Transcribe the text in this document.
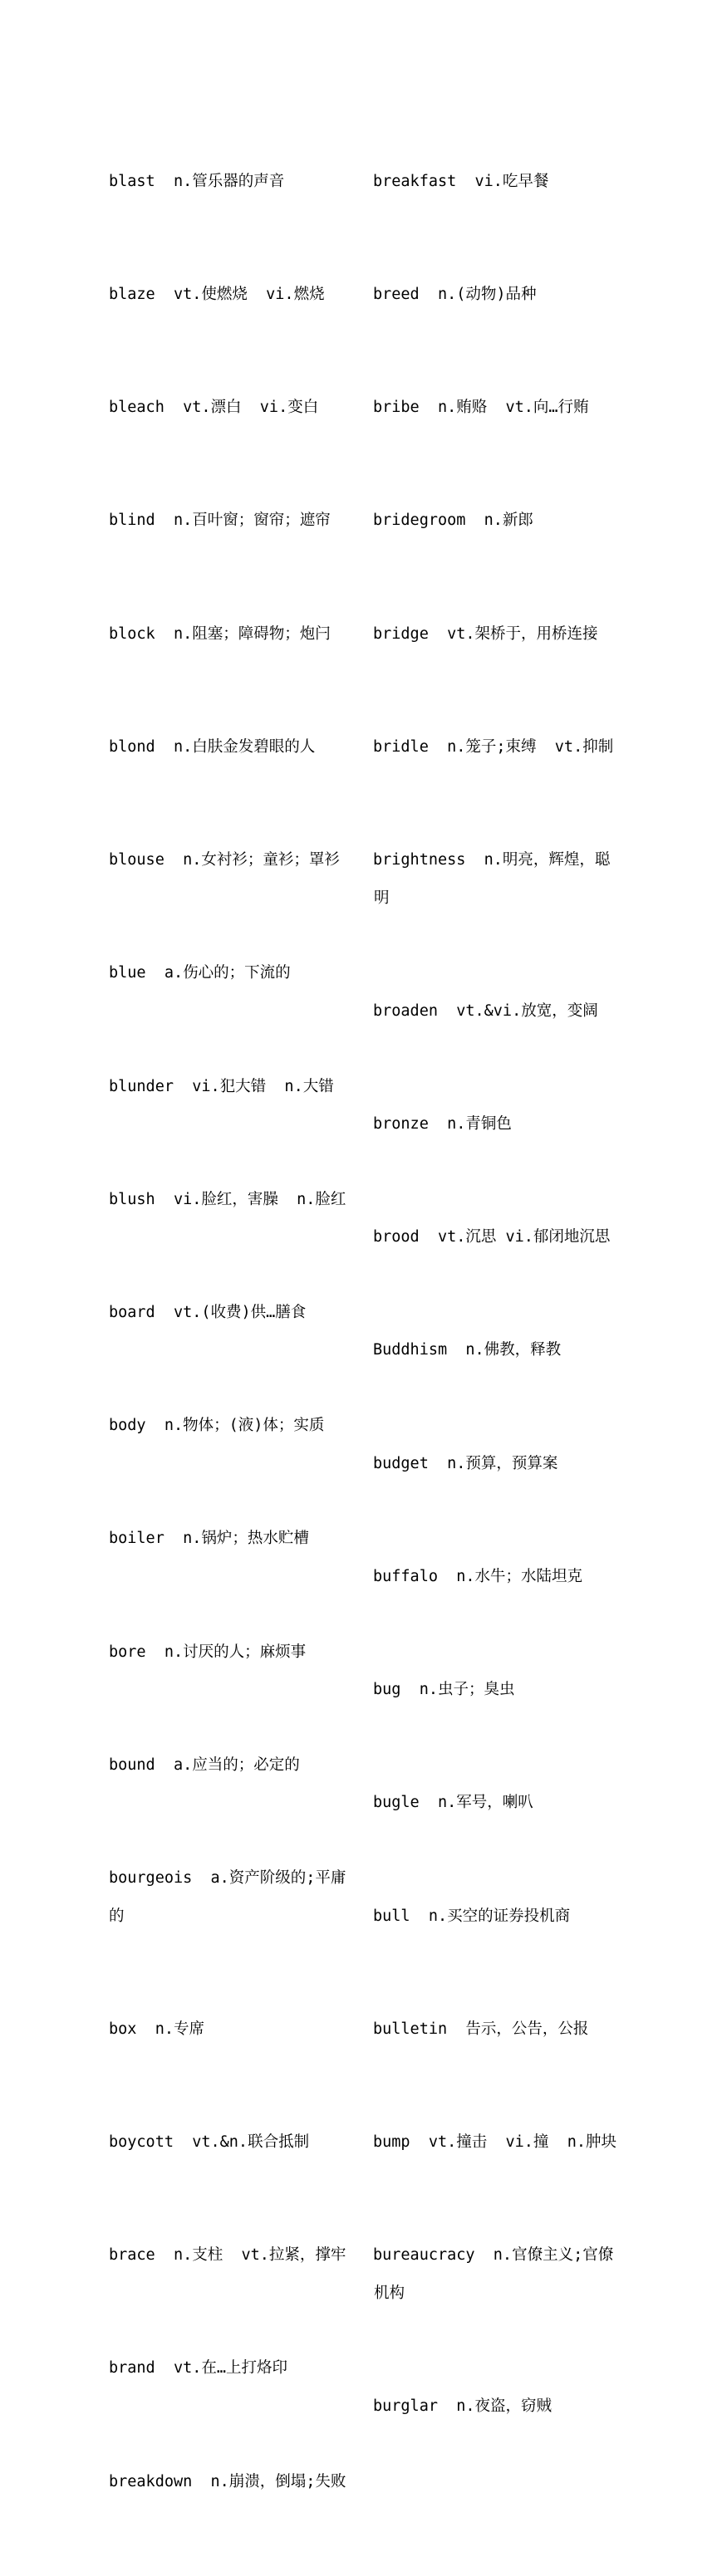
blast  n.管乐器的声音

blaze  vt.使燃烧  vi.燃烧

bleach  vt.漂白  vi.变白

blind  n.百叶窗；窗帘；遮帘

block  n.阻塞；障碍物；炮闩

blond  n.白肤金发碧眼的人

blouse  n.女衬衫；童衫；罩衫

blue  a.伤心的；下流的

blunder  vi.犯大错  n.大错

blush  vi.脸红，害臊  n.脸红

board  vt.(收费)供…膳食

body  n.物体；(液)体；实质

boiler  n.锅炉；热水贮槽

bore  n.讨厌的人；麻烦事

bound  a.应当的；必定的

bourgeois  a.资产阶级的;平庸的

box  n.专席

boycott  vt.&n.联合抵制

brace  n.支柱  vt.拉紧，撑牢

brand  vt.在…上打烙印

breakdown  n.崩溃，倒塌;失败

breakfast  vi.吃早餐

breed  n.(动物)品种

bribe  n.贿赂  vt.向…行贿

bridegroom  n.新郎

bridge  vt.架桥于，用桥连接

bridle  n.笼子;束缚  vt.抑制

brightness  n.明亮，辉煌，聪明

broaden  vt.&vi.放宽，变阔

bronze  n.青铜色

brood  vt.沉思 vi.郁闭地沉思

Buddhism  n.佛教，释教

budget  n.预算，预算案

buffalo  n.水牛；水陆坦克

bug  n.虫子；臭虫

bugle  n.军号，喇叭

bull  n.买空的证券投机商

bulletin  告示，公告，公报

bump  vt.撞击  vi.撞  n.肿块

bureaucracy  n.官僚主义;官僚机构

burglar  n.夜盗，窃贼
